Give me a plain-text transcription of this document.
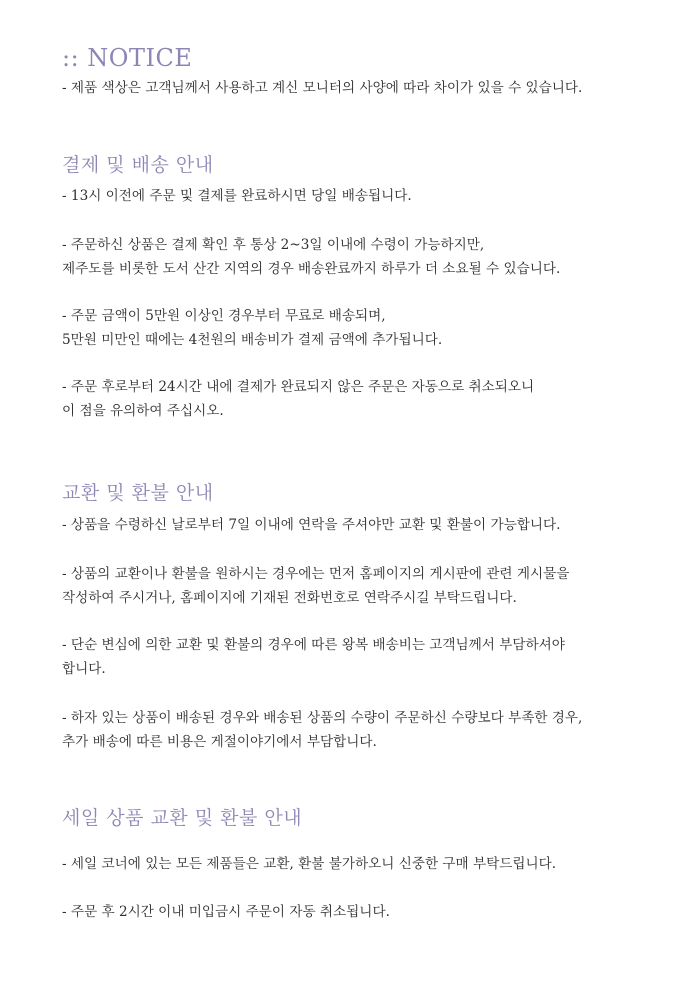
:: NOTICE

- 제품 색상은 고객님께서 사용하고 계신 모니터의 사양에 따라 차이가 있을 수 있습니다.

결제 및 배송 안내

- 13시 이전에 주문 및 결제를 완료하시면 당일 배송됩니다.

- 주문하신 상품은 결제 확인 후 통상 2~3일 이내에 수령이 가능하지만,
제주도를 비롯한 도서 산간 지역의 경우 배송완료까지 하루가 더 소요될 수 있습니다.

- 주문 금액이 5만원 이상인 경우부터 무료로 배송되며,
5만원 미만인 때에는 4천원의 배송비가 결제 금액에 추가됩니다.

- 주문 후로부터 24시간 내에 결제가 완료되지 않은 주문은 자동으로 취소되오니
이 점을 유의하여 주십시오.

교환 및 환불 안내

- 상품을 수령하신 날로부터 7일 이내에 연락을 주셔야만 교환 및 환불이 가능합니다.

- 상품의 교환이나 환불을 원하시는 경우에는 먼저 홈페이지의 게시판에 관련 게시물을
작성하여 주시거나, 홈페이지에 기재된 전화번호로 연락주시길 부탁드립니다.

- 단순 변심에 의한 교환 및 환불의 경우에 따른 왕복 배송비는 고객님께서 부담하셔야
합니다.

- 하자 있는 상품이 배송된 경우와 배송된 상품의 수량이 주문하신 수량보다 부족한 경우,
추가 배송에 따른 비용은 게절이야기에서 부담합니다.

세일 상품 교환 및 환불 안내

- 세일 코너에 있는 모든 제품들은 교환, 환불 불가하오니 신중한 구매 부탁드립니다.

- 주문 후 2시간 이내 미입금시 주문이 자동 취소됩니다.
